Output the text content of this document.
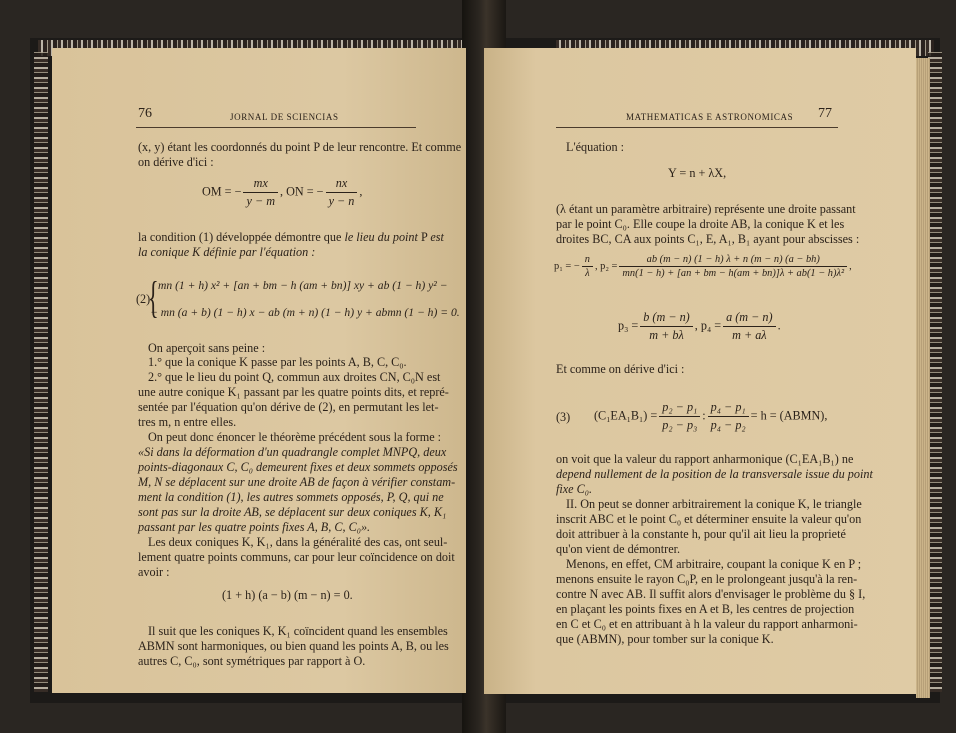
76	JORNAL DE SCIENCIAS
(x, y) étant les coordonnés du point P de leur rencontre. Et comme
on dérive d'ici :
OM = − $\frac{mx}{y - m}$ , ON = − $\frac{nx}{y - n}$ ,
la condition (1) développée démontre que le lieu du point P est
la conique K définie par l'équation :
(2)
{ mn (1 + h) x² + [an + bm − h (am + bn)] xy + ab (1 − h) y² −
− mn (a + b) (1 − h) x − ab (m + n) (1 − h) y + abmn (1 − h) = 0.
On aperçoit sans peine :
1.° que la conique K passe par les points A, B, C, C₀.
2.° que le lieu du point Q, commun aux droites CN, C₀N est
une autre conique K₁ passant par les quatre points dits, et repré-
sentée par l'équation qu'on dérive de (2), en permutant les let-
tres m, n entre elles.
On peut donc énoncer le théorème précédent sous la forme :
«Si dans la déformation d'un quadrangle complet MNPQ, deux
points-diagonaux C, C₀ demeurent fixes et deux sommets opposés
M, N se déplacent sur une droite AB de façon à vérifier constam-
ment la condition (1), les autres sommets opposés, P, Q, qui ne
sont pas sur la droite AB, se déplacent sur deux coniques K, K₁
passant par les quatre points fixes A, B, C, C₀».
Les deux coniques K, K₁, dans la généralité des cas, ont seul-
lement quatre points communs, car pour leur coïncidence on doit
avoir :
(1 + h) (a − b) (m − n) = 0.
Il suit que les coniques K, K₁ coïncident quand les ensembles
ABMN sont harmoniques, ou bien quand les points A, B, ou les
autres C, C₀, sont symétriques par rapport à O.
MATHEMATICAS E ASTRONOMICAS 77
L'équation :
Y = n + λX,
(λ étant un paramètre arbitraire) représente une droite passant
par le point C₀. Elle coupe la droite AB, la conique K et les
droites BC, CA aux points C₁, E, A₁, B₁ ayant pour abscisses :
p₁ = − $\frac{n}{\lambda}$ , $p_2 = \frac{ab (m - n) (1 - h) \lambda + n (m - n) (a - bh)}{\text{mn(1 − h) + [an + bm − h(am + bn)]λ + ab(1 − h)λ²}}$ ,
$p_3 = \frac{b (m - n)}{m + b\lambda}$ , $p_4 = \frac{a (m - n)}{m + a\lambda}$ .
Et comme on dérive d'ici :
(3) $(C_1EA_1B_1) = \frac{\text{p₂ − p₁}}{\text{p₂ − p₃}}$ : $\frac{\text{p₄ − p₁}}{\text{p₄ − p₂}} = h$ = (ABMN),
on voit que la valeur du rapport anharmonique (C₁EA₁B₁) ne
depend nullement de la position de la transversale issue du point
fixe C₀.
II. On peut se donner arbitrairement la conique K, le triangle
inscrit ABC et le point C₀ et déterminer ensuite la valeur qu'on
doit attribuer à la constante h, pour qu'il ait lieu la proprieté
qu'on vient de démontrer.
Menons, en effet, CM arbitraire, coupant la conique K en P ;
menons ensuite le rayon C₀P, en le prolongeant jusqu'à la ren-
contre N avec AB. Il suffit alors d'envisager le problème du § I,
en plaçant les points fixes en A et B, les centres de projection
en C et C₀ et en attribuant à h la valeur du rapport anharmoni-
que (ABMN), pour tomber sur la conique K.
